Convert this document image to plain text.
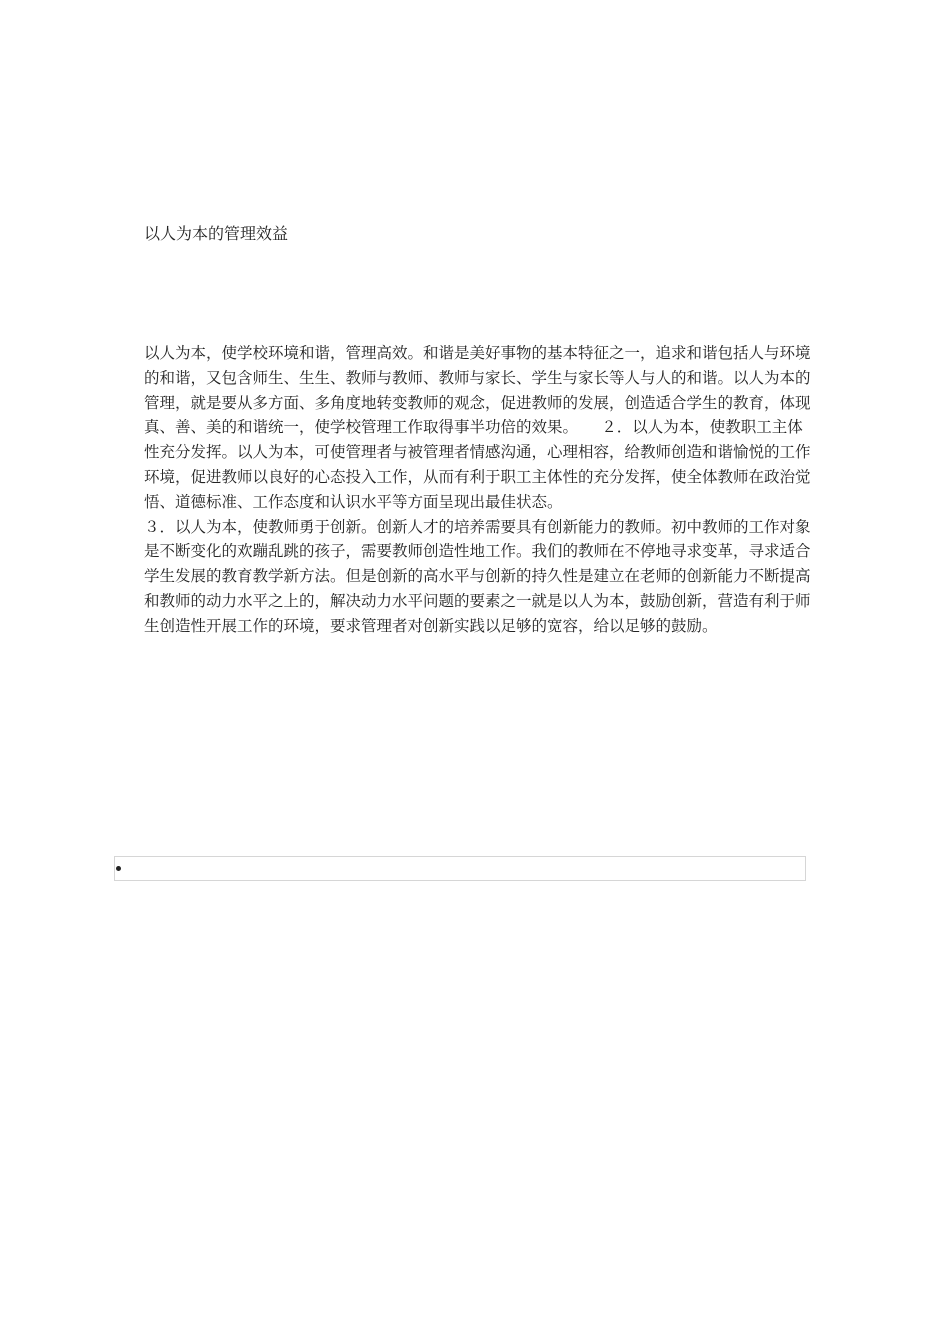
以人为本的管理效益

以人为本，使学校环境和谐，管理高效。和谐是美好事物的基本特征之一，追求和谐包括人与环境的和谐，又包含师生、生生、教师与教师、教师与家长、学生与家长等人与人的和谐。以人为本的管理，就是要从多方面、多角度地转变教师的观念，促进教师的发展，创造适合学生的教育，体现真、善、美的和谐统一，使学校管理工作取得事半功倍的效果。　　２．以人为本，使教职工主体性充分发挥。以人为本，可使管理者与被管理者情感沟通，心理相容，给教师创造和谐愉悦的工作环境，促进教师以良好的心态投入工作，从而有利于职工主体性的充分发挥，使全体教师在政治觉悟、道德标准、工作态度和认识水平等方面呈现出最佳状态。

３．以人为本，使教师勇于创新。创新人才的培养需要具有创新能力的教师。初中教师的工作对象是不断变化的欢蹦乱跳的孩子，需要教师创造性地工作。我们的教师在不停地寻求变革，寻求适合学生发展的教育教学新方法。但是创新的高水平与创新的持久性是建立在老师的创新能力不断提高和教师的动力水平之上的，解决动力水平问题的要素之一就是以人为本，鼓励创新，营造有利于师生创造性开展工作的环境，要求管理者对创新实践以足够的宽容，给以足够的鼓励。
